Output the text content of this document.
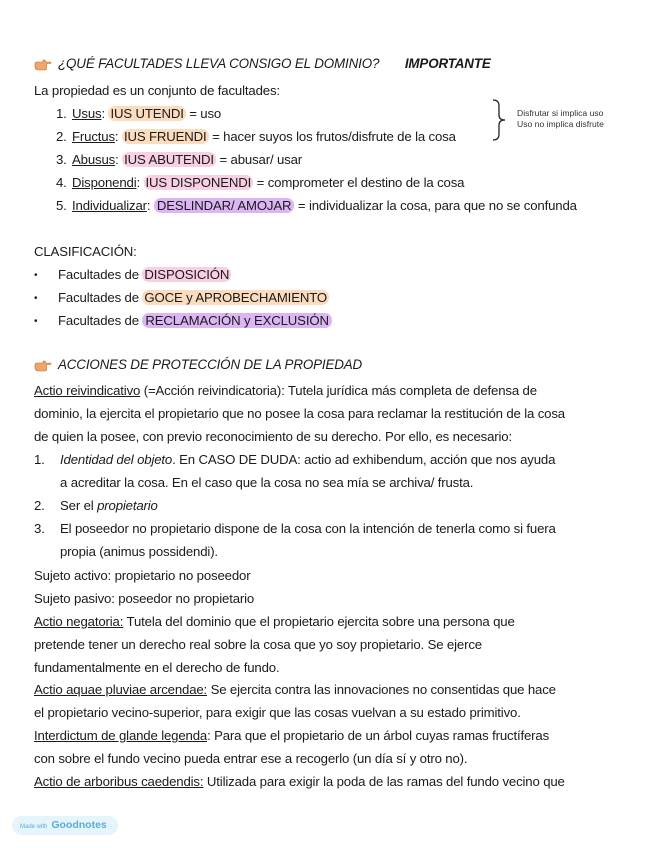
¿QUÉ FACULTADES LLEVA CONSIGO EL DOMINIO? IMPORTANTE
La propiedad es un conjunto de facultades:
1. Usus: IUS UTENDI = uso
2. Fructus: IUS FRUENDI = hacer suyos los frutos/disfrute de la cosa
3. Abusus: IUS ABUTENDI = abusar/ usar
4. Disponendi: IUS DISPONENDI = comprometer el destino de la cosa
5. Individualizar: DESLINDAR/ AMOJAR = individualizar la cosa, para que no se confunda
Disfrutar si implica uso
Uso no implica disfrute
CLASIFICACIÓN:
• Facultades de DISPOSICIÓN
• Facultades de GOCE y APROBECHAMIENTO
• Facultades de RECLAMACIÓN y EXCLUSIÓN
ACCIONES DE PROTECCIÓN DE LA PROPIEDAD
Actio reivindicativo (=Acción reivindicatoria): Tutela jurídica más completa de defensa de
dominio, la ejercita el propietario que no posee la cosa para reclamar la restitución de la cosa
de quien la posee, con previo reconocimiento de su derecho. Por ello, es necesario:
1. Identidad del objeto. En CASO DE DUDA: actio ad exhibendum, acción que nos ayuda
a acreditar la cosa. En el caso que la cosa no sea mía se archiva/ frusta.
2. Ser el propietario
3. El poseedor no propietario dispone de la cosa con la intención de tenerla como si fuera
propia (animus possidendi).
Sujeto activo: propietario no poseedor
Sujeto pasivo: poseedor no propietario
Actio negatoria: Tutela del dominio que el propietario ejercita sobre una persona que
pretende tener un derecho real sobre la cosa que yo soy propietario. Se ejerce
fundamentalmente en el derecho de fundo.
Actio aquae pluviae arcendae: Se ejercita contra las innovaciones no consentidas que hace
el propietario vecino-superior, para exigir que las cosas vuelvan a su estado primitivo.
Interdictum de glande legenda: Para que el propietario de un árbol cuyas ramas fructíferas
con sobre el fundo vecino pueda entrar ese a recogerlo (un día sí y otro no).
Actio de arboribus caedendis: Utilizada para exigir la poda de las ramas del fundo vecino que
Made with Goodnotes
